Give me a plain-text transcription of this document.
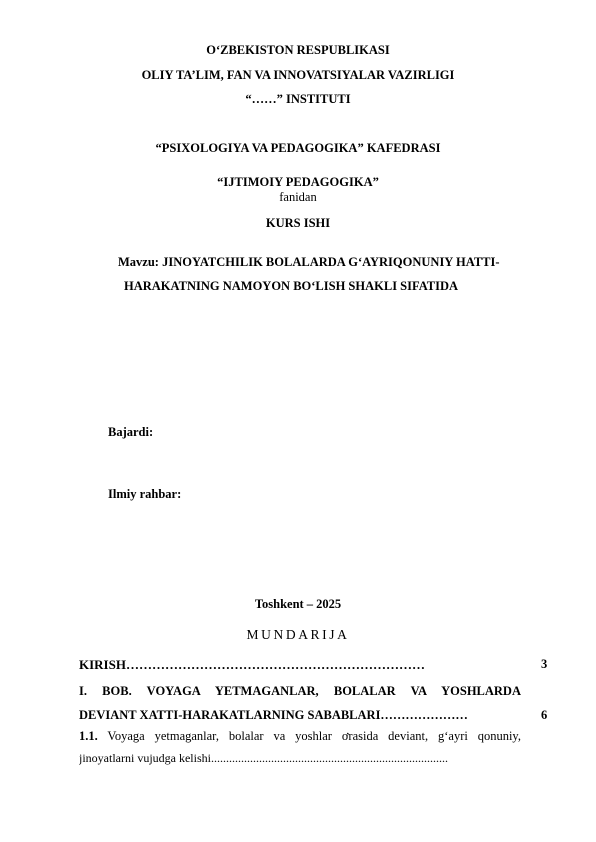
O‘ZBEKISTON RESPUBLIKASI
OLIY TA’LIM, FAN VA INNOVATSIYALAR VAZIRLIGI
“……” INSTITUTI
“PSIXOLOGIYA VA PEDAGOGIKA” KAFEDRASI
“IJTIMOIY PEDAGOGIKA”
fanidan
KURS ISHI
Mavzu: JINOYATCHILIK BOLALARDA G‘AYRIQONUNIY HATTI-
HARAKATNING NAMOYON BO‘LISH SHAKLI SIFATIDA
Bajardi:
Ilmiy rahbar:
Toshkent – 2025
MUNDARIJA
KIRISH……………………………………………………………	3
I. BOB. VOYAGA YETMAGANLAR, BOLALAR VA YOSHLARDA
DEVIANT XATTI-HARAKATLARNING SABABLARI…………………	6
1.1. Voyaga yetmaganlar, bolalar va yoshlar ơrasida deviant, g‘ayri qonuniy,
jinoyatlarni vujudga kelishi...............................................................................
